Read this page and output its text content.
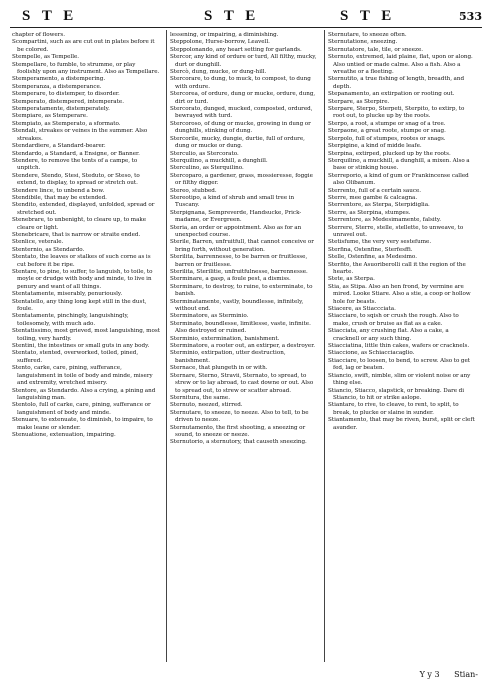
S T E	S T E	S T E	533

chapter of flowers.

Scompartini, such as are cut out in plates before it be colored.

Stempelle, as Tempelle.

Stempellare, to fumble, to strumme, or play foolishly upon any instrument. Also as Tempellare.

Stemperamento, a distempering.

Stemperanza, a distemperance.

Stemperare, to distemper, to disorder.

Stemperato, distempered, intemperate.

Stemperatamente, distemperately.

Stempiare, as Stemperare.

Stempiato, as Stemperato, a sformato.

Stendali, streakes or veines in the summer. Also streakes.

Stendardiere, a Standard-bearer.

Stendardo, a Standard, a Ensigne, or Banner.

Stendere, to remove the tents of a campe, to unpitch.

Stendere, Stendo, Stesi, Steduto, or Steso, to extend, to display, to spread or stretch out.

Stendere lince, to unbend a bow.

Stendibile, that may be extended.

Stendito, extended, displayed, unfolded, spread or stretched out.

Stenebrare, to unbenight, to cleare up, to make cleare or light.

Stenebricare, that is narrow or straite ended.

Stenlice, veterale.

Stenternio, as Stendardo.

Stentato, the leaves or stalkes of such corne as is cut before it be ripe.

Stentare, to pine, to suffer, to languish, to toile, to moyle or drudge with body and minde, to live in penury and want of all things.

Stentatamente, miserably, penuriously.

Stentatello, any thing long kept still in the dust, foule.

Stentatamente, pinchingly, languishingly, toilesomely, with much ado.

Stentatissimo, most grieved, most languishing, most toiling, very hardly.

Stentini, the intestines or small guts in any body.

Stentato, stented, overworked, toiled, pined, suffered.

Stento, carke, care, pining, sufferance, languishment in toile of body and minde, misery and extremity, wretched misery.

Stentore, as Stendardo. Also a crying, a pining and languishing man.

Stentolo, full of carke, care, pining, sufferance or languishment of body and minde.

Stenuare, to extenuate, to diminish, to impaire, to make leane or slender.

Stenuatione, extenuation, impairing.

lessening, or impairing, a diminishing.

Steppolone, Hurse-borrow, Leavell.

Steppolonando, any heart setting for garlands.

Stercor, any kind of ordure or turd, All filthy, mucky, durt or dunghill.

Stercò, dung, mucke, or dung-hill.

Stercorare, to dung, to muck, to compost, to dung with ordure.

Stercorea, of ordure, dung or mucke, ordure, dung, dirt or turd.

Stercorato, dunged, mucked, composted, ordured, bewrayed with turd.

Stercoroso, of dung or mucke, growing in dung or dunghills, stinking of dung.

Stercorile, mucky, dungie, durtie, full of ordure, dung or mucke or dung.

Sterculio, as Stercorato.

Sterquilino, a muckhill, a dunghill.

Sterculino, as Sterquilino.

Stercoparo, a gardener, grass, mossieresse, foggie or filthy digger.

Stereo, stubbed.

Stereotipo, a kind of shrub and small tree in Tuscany.

Sterpignana, Sempreverde, Handsucke, Prick-madame, or Evergreen.

Steria, an order or appointment. Also as for an unexpected course.

Sterile, Barren, unfruitfull, that cannot conceive or bring forth, without generation.

Sterilita, barrennesse, to be barren or fruitlesse, barren or fruitlesse.

Sterilita, Sterilitie, unfruitfulnesse, barrennesse.

Sterminare, a gasp, a foule pest, a dismiss.

Sterminare, to destroy, to ruine, to exterminate, to banish.

Sterminatamente, vastly, boundlesse, infinitely, without end.

Sterminatore, as Sterminio.

Sterminato, boundlesse, limitlesse, vaste, infinite. Also destroyed or ruined.

Sterminio, extermination, banishment.

Sterminatore, a rooter out, an extirper, a destroyer.

Sterminio, extirpation, utter destruction, banishment.

Sternace, that plungeth in or with.

Sternare, Sterno, Stravii, Sternato, to spread, to strew or to lay abroad, to cast downe or out. Also to spread out, to strew or scatter abroad.

Sternitura, the same.

Sternuto, neezed, stirred.

Sternutare, to sneeze, to neeze. Also to tell, to be driven to neeze.

Sternutamento, the first shooting, a sneezing or sound, to sneeze or neeze.

Sternutorio, a sternutory, that causeth sneezing.

Sternutare, to sneeze often.

Sternutatione, sneezing.

Sternutatore, tale, tile, or sneeze.

Sternuto, extremed, laid plaine, flat, upon or along. Also untied or made calme. Also a fish. Also a wreathe or a fleeting.

Sternutito, a true fishing of length, breadth, and depth.

Stepanamento, an extirpation or rooting out.

Sterpare, as Sterpire.

Sterpare, Sterpo, Sterpeti, Sterpito, to extirp, to root out, to plucke up by the roots.

Sterpo, a root, a stumpe or snag of a tree.

Sterpaone, a great roote, stumpe or snag.

Sterpolo, full of stumpes, rootes or snags.

Sterpigine, a kind of midde leafe.

Sterpina, extirped, plucked up by the roots.

Sterquilino, a muckhill, a dunghill, a mixen. Also a base or stinking house.

Sterreporio, a kind of gum or Frankincense called also Olibanum.

Sterrento, full of a certain sauce.

Sterre, mee gambe & calcagna.

Sterrentore, as Sterpa, Sterpidiglia.

Sterre, as Sterpina, stumpes.

Sterrentore, as Medesimamente, falsity.

Sterrere, Sterre, stelle, stellette, to unweave, to unravel out.

Stetisfume, the very very sestefume.

Sterfina, Ostenfine, Sterfesffi.

Stelle, Ostenfine, as Medesimo.

Sterfito, the Asuoriberolli call it the region of the hearte.

Stete, as Sterpa.

Stia, as Stipa. Also an hen frond, by vermine are mired. Looke Stiare. Also a stie, a coop or hollow hole for beasts.

Stiacere, as Stiaccciata.

Stiacciare, to sqish or crush the rough. Also to make, crush or bruise as flat as a cake.

Stiacciata, any crushing flat. Also a cake, a cracknell or any such thing.

Stiacciatina, little thin cakes, wafers or cracknels.

Stiaccione, as Schiacciacaglio.

Stiacciare, to loosen, to bend, to screw. Also to get fed, lag or beaten.

Stiancio, swift, nimble, slim or violent noise or any thing else.

Stiancio, Stiacco, slapstick, or breaking. Dare di Stiancio, to hit or strike aslope.

Stiantare, to rive, to cleave, to rent, to split, to break, to plucke or slaine in sunder.

Stiantamento, that may be riven, burst, split or cleft asunder.

Y y 3 Stian-
